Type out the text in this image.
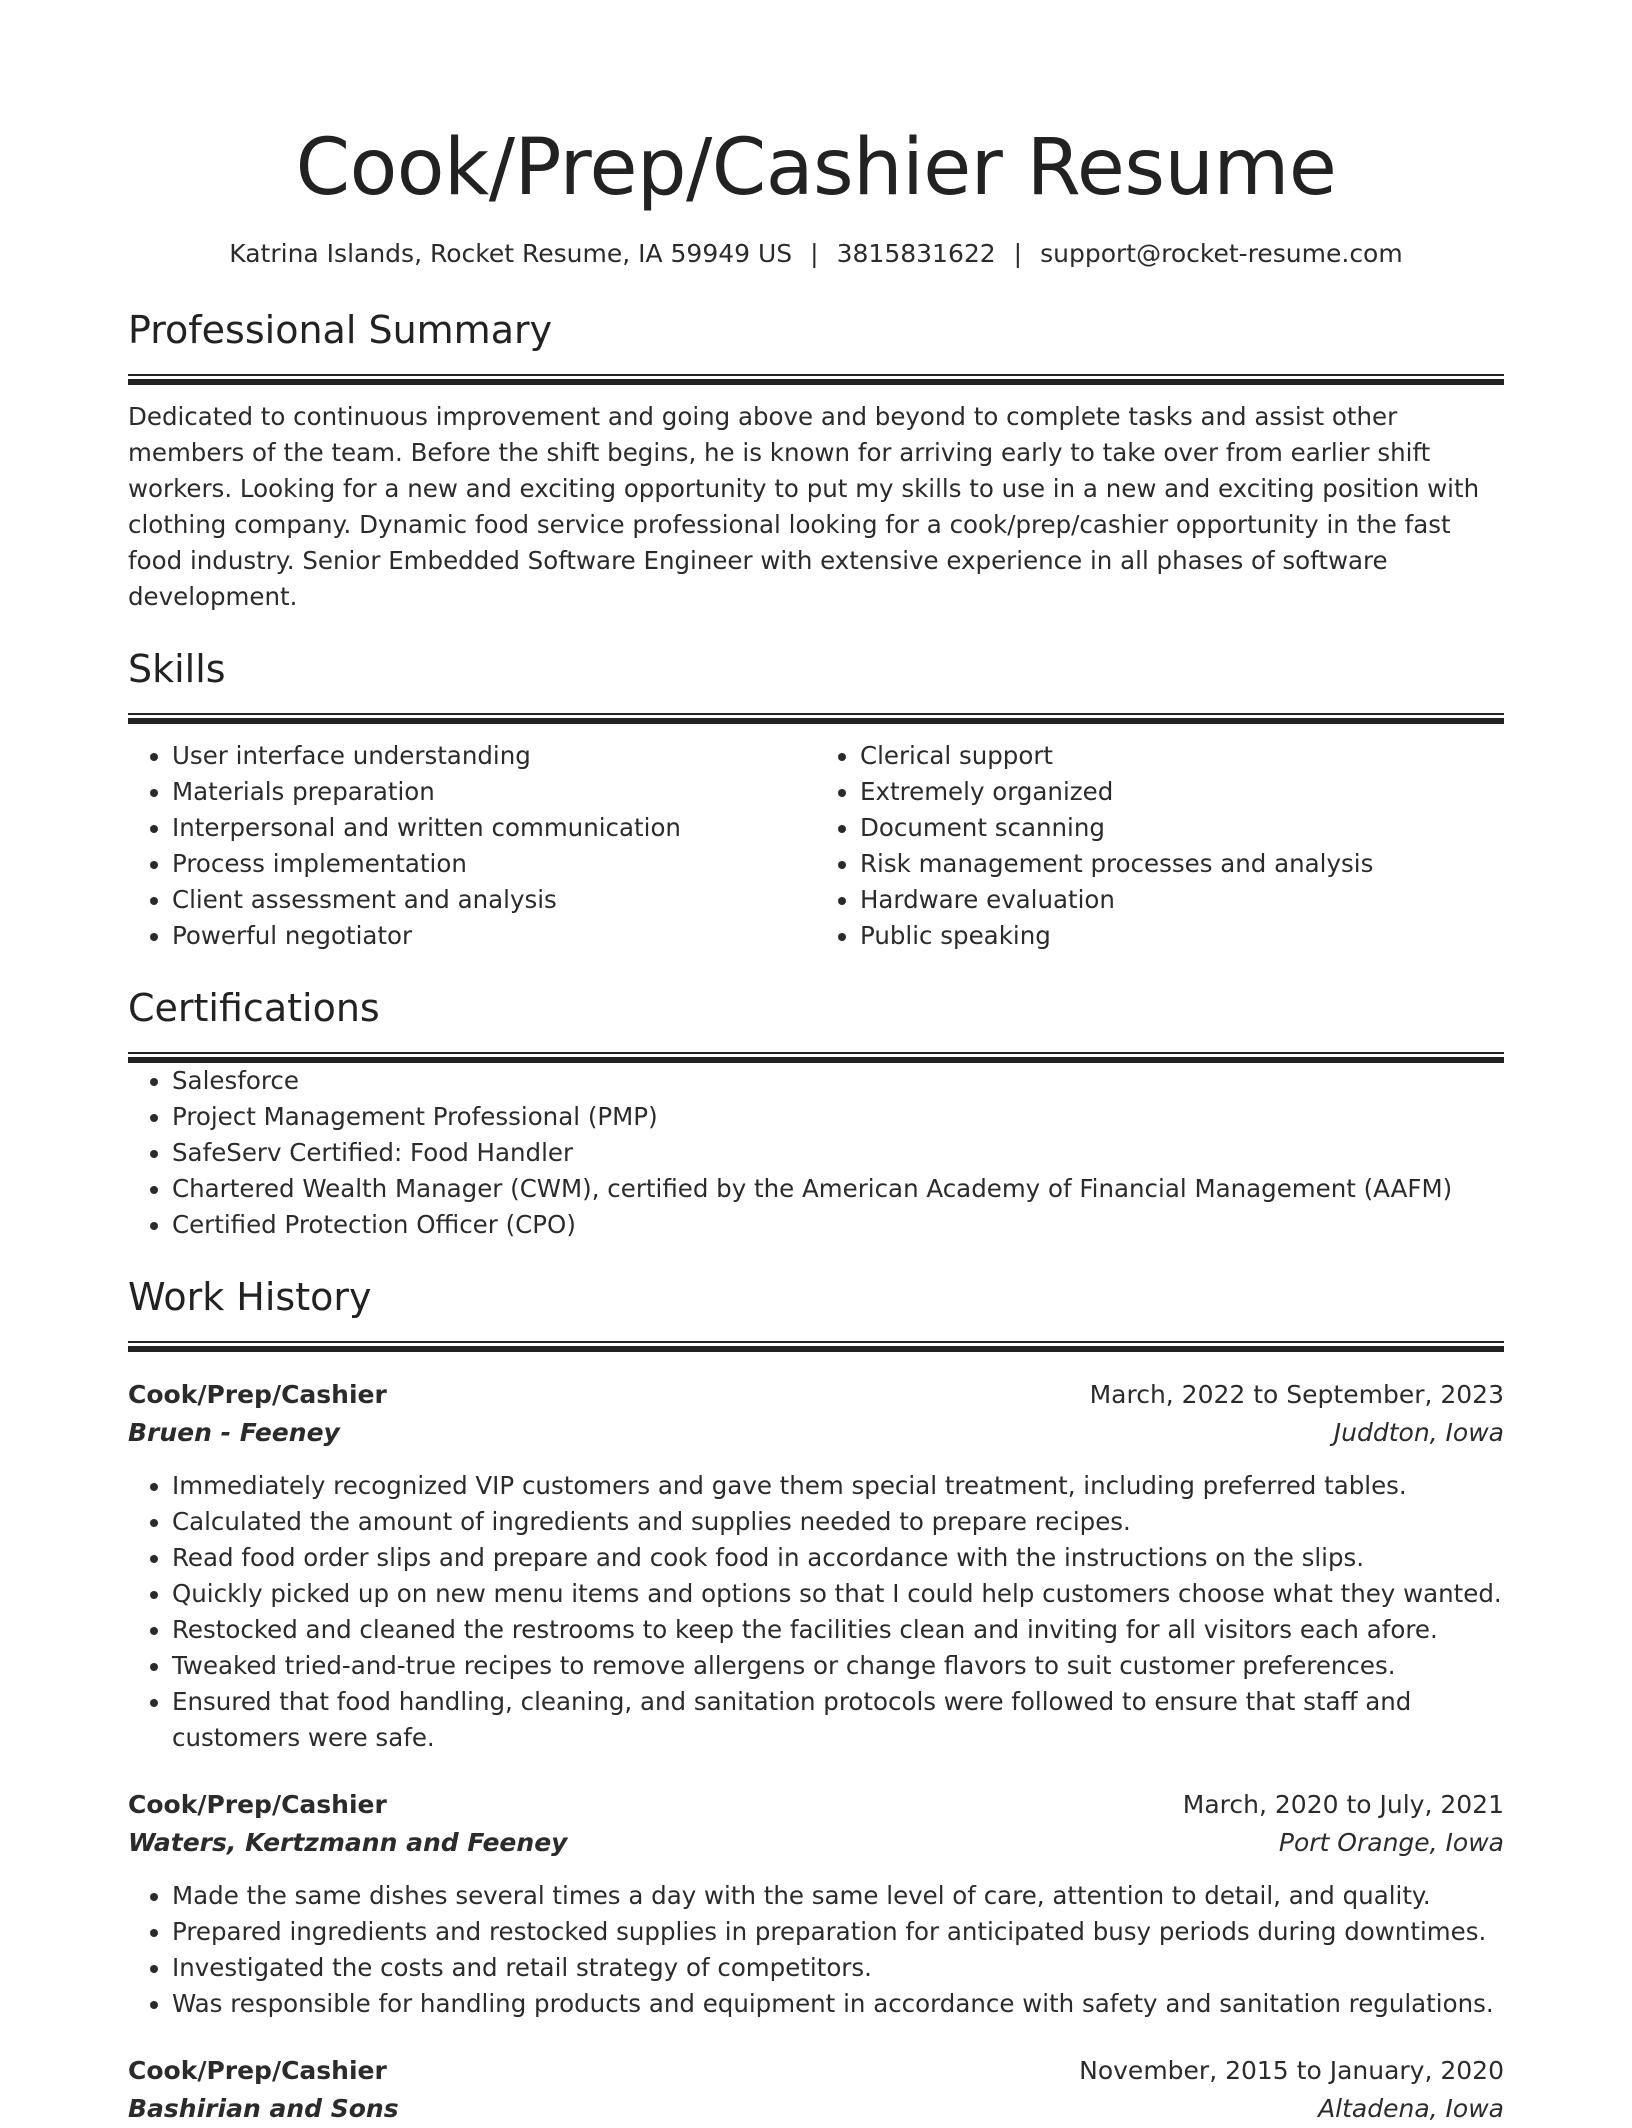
Cook/Prep/Cashier Resume
Katrina Islands, Rocket Resume, IA 59949 US | 3815831622 | support@rocket-resume.com
Professional Summary

Dedicated to continuous improvement and going above and beyond to complete tasks and assist other members of the team. Before the shift begins, he is known for arriving early to take over from earlier shift workers. Looking for a new and exciting opportunity to put my skills to use in a new and exciting position with clothing company. Dynamic food service professional looking for a cook/prep/cashier opportunity in the fast food industry. Senior Embedded Software Engineer with extensive experience in all phases of software development.

Skills
• User interface understanding
• Materials preparation
• Interpersonal and written communication
• Process implementation
• Client assessment and analysis
• Powerful negotiator
• Clerical support
• Extremely organized
• Document scanning
• Risk management processes and analysis
• Hardware evaluation
• Public speaking
Certifications
• Salesforce
• Project Management Professional (PMP)
• SafeServ Certified: Food Handler
• Chartered Wealth Manager (CWM), certified by the American Academy of Financial Management (AAFM)
• Certified Protection Officer (CPO)
Work History
Cook/Prep/Cashier	March, 2022 to September, 2023
Bruen - Feeney	Juddton, Iowa
• Immediately recognized VIP customers and gave them special treatment, including preferred tables.
• Calculated the amount of ingredients and supplies needed to prepare recipes.
• Read food order slips and prepare and cook food in accordance with the instructions on the slips.
• Quickly picked up on new menu items and options so that I could help customers choose what they wanted.
• Restocked and cleaned the restrooms to keep the facilities clean and inviting for all visitors each afore.
• Tweaked tried-and-true recipes to remove allergens or change flavors to suit customer preferences.
• Ensured that food handling, cleaning, and sanitation protocols were followed to ensure that staff and customers were safe.
Cook/Prep/Cashier	March, 2020 to July, 2021
Waters, Kertzmann and Feeney	Port Orange, Iowa
• Made the same dishes several times a day with the same level of care, attention to detail, and quality.
• Prepared ingredients and restocked supplies in preparation for anticipated busy periods during downtimes.
• Investigated the costs and retail strategy of competitors.
• Was responsible for handling products and equipment in accordance with safety and sanitation regulations.
Cook/Prep/Cashier	November, 2015 to January, 2020
Bashirian and Sons	Altadena, Iowa
